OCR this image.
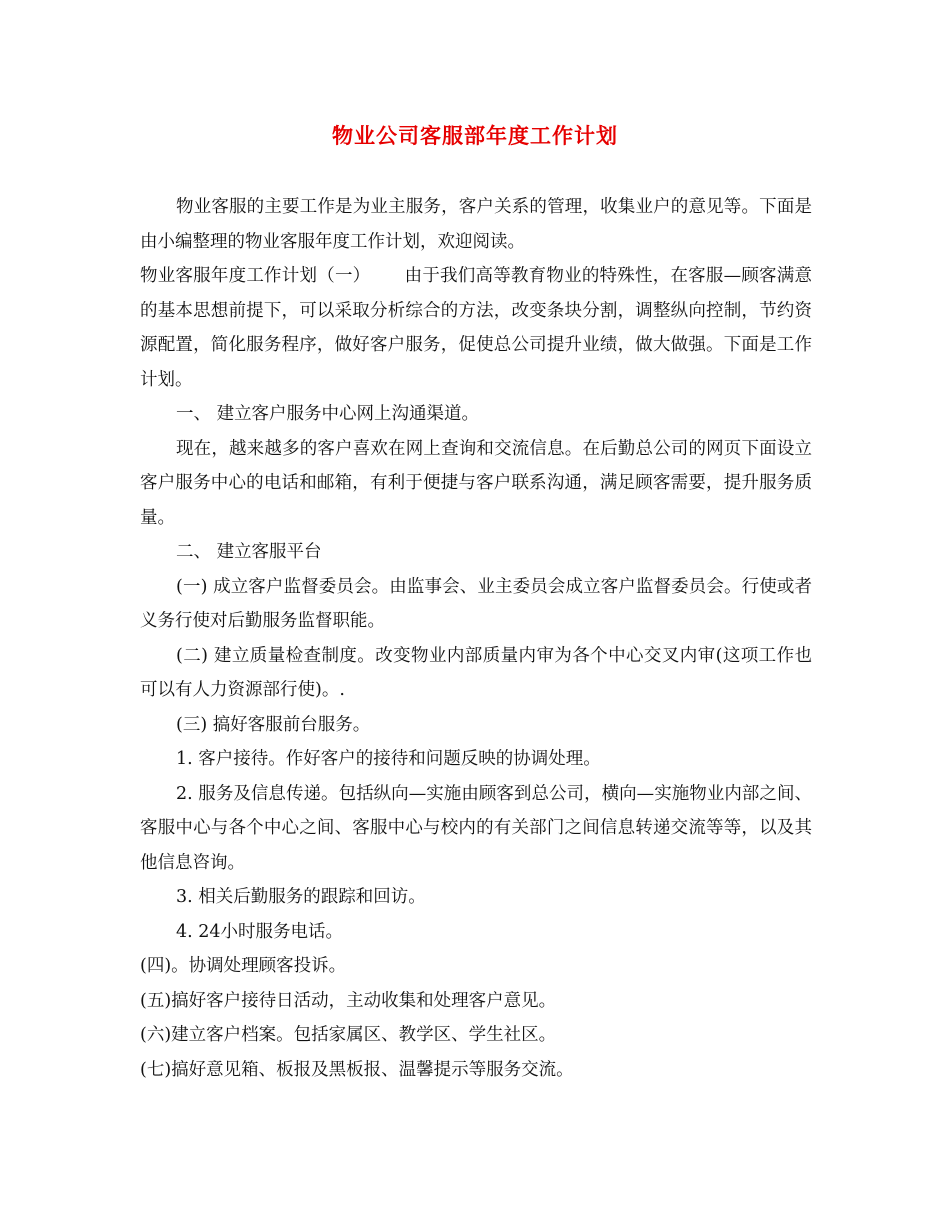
物业公司客服部年度工作计划

物业客服的主要工作是为业主服务，客户关系的管理，收集业户的意见等。下面是由小编整理的物业客服年度工作计划，欢迎阅读。

物业客服年度工作计划（一） 由于我们高等教育物业的特殊性，在客服—顾客满意的基本思想前提下，可以采取分析综合的方法，改变条块分割，调整纵向控制，节约资源配置，简化服务程序，做好客户服务，促使总公司提升业绩，做大做强。下面是工作计划。

一、 建立客户服务中心网上沟通渠道。

现在，越来越多的客户喜欢在网上查询和交流信息。在后勤总公司的网页下面设立客户服务中心的电话和邮箱，有利于便捷与客户联系沟通，满足顾客需要，提升服务质量。

二、 建立客服平台

(一) 成立客户监督委员会。由监事会、业主委员会成立客户监督委员会。行使或者义务行使对后勤服务监督职能。

(二) 建立质量检查制度。改变物业内部质量内审为各个中心交叉内审(这项工作也可以有人力资源部行使)。.

(三) 搞好客服前台服务。

1. 客户接待。作好客户的接待和问题反映的协调处理。

2. 服务及信息传递。包括纵向—实施由顾客到总公司，横向—实施物业内部之间、客服中心与各个中心之间、客服中心与校内的有关部门之间信息转递交流等等，以及其他信息咨询。

3. 相关后勤服务的跟踪和回访。

4. 24小时服务电话。

(四)。协调处理顾客投诉。

(五)搞好客户接待日活动，主动收集和处理客户意见。

(六)建立客户档案。包括家属区、教学区、学生社区。

(七)搞好意见箱、板报及黑板报、温馨提示等服务交流。
